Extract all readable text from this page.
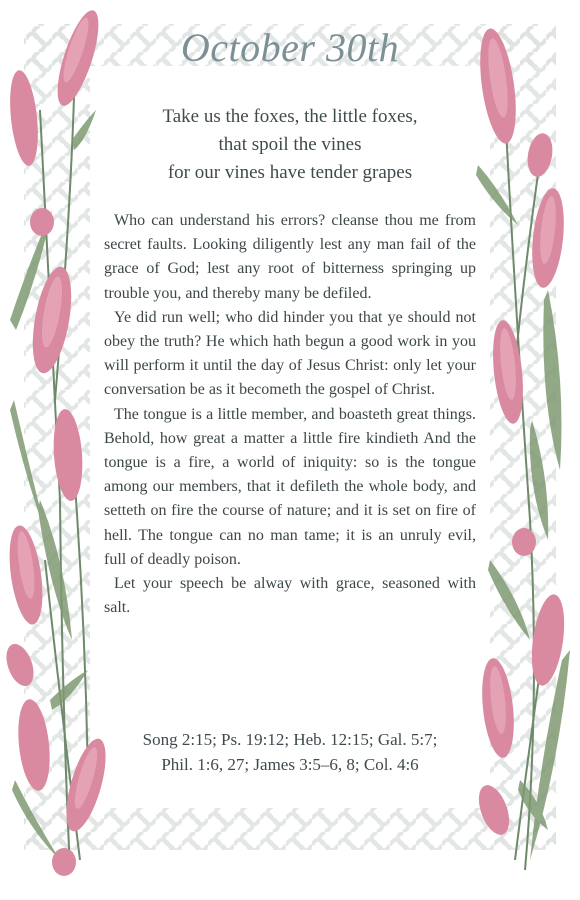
October 30th
Take us the foxes, the little foxes,
that spoil the vines
for our vines have tender grapes

Who can understand his errors? cleanse thou me from secret faults. Looking diligently lest any man fail of the grace of God; lest any root of bitterness springing up trouble you, and thereby many be defiled.

Ye did run well; who did hinder you that ye should not obey the truth? He which hath begun a good work in you will perform it until the day of Jesus Christ: only let your conversation be as it becometh the gospel of Christ.

The tongue is a little member, and boasteth great things. Behold, how great a matter a little fire kindieth And the tongue is a fire, a world of iniquity: so is the tongue among our members, that it defileth the whole body, and setteth on fire the course of nature; and it is set on fire of hell. The tongue can no man tame; it is an unruly evil, full of deadly poison.

Let your speech be alway with grace, seasoned with salt.

Song 2:15; Ps. 19:12; Heb. 12:15; Gal. 5:7;
Phil. 1:6, 27; James 3:5–6, 8; Col. 4:6
